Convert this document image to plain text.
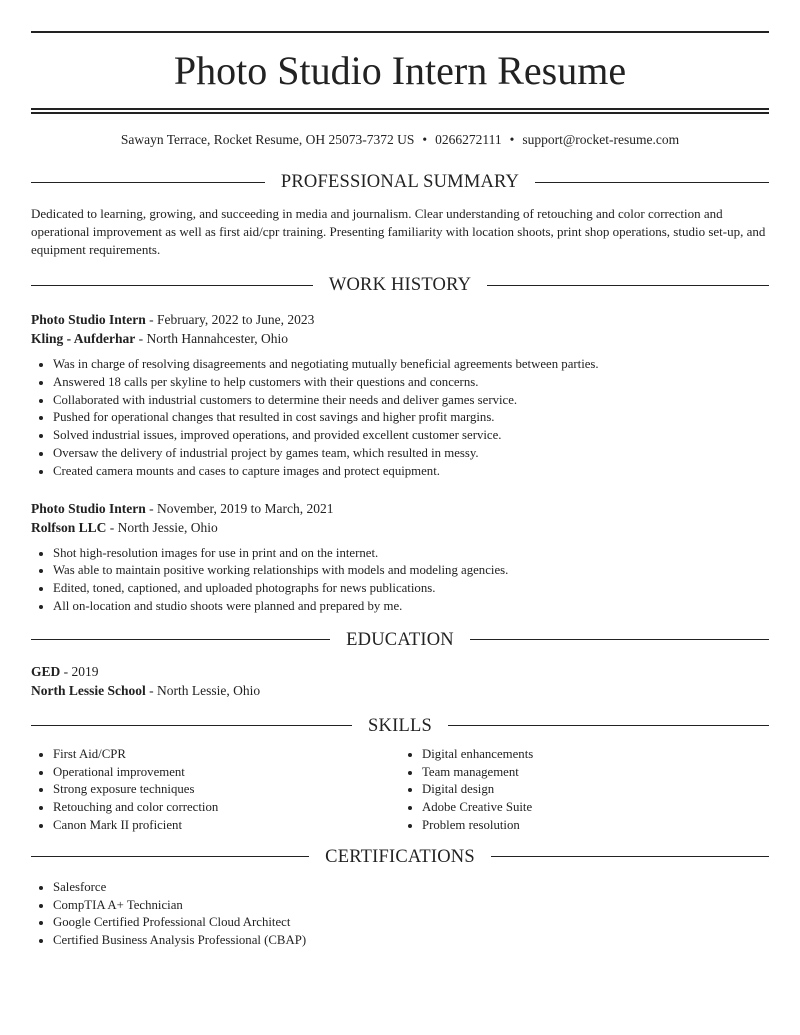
Photo Studio Intern Resume
Sawayn Terrace, Rocket Resume, OH 25073-7372 US • 0266272111 • support@rocket-resume.com
PROFESSIONAL SUMMARY
Dedicated to learning, growing, and succeeding in media and journalism. Clear understanding of retouching and color correction and operational improvement as well as first aid/cpr training. Presenting familiarity with location shoots, print shop operations, studio set-up, and equipment requirements.
WORK HISTORY
Photo Studio Intern - February, 2022 to June, 2023
Kling - Aufderhar - North Hannahcester, Ohio
• Was in charge of resolving disagreements and negotiating mutually beneficial agreements between parties.
• Answered 18 calls per skyline to help customers with their questions and concerns.
• Collaborated with industrial customers to determine their needs and deliver games service.
• Pushed for operational changes that resulted in cost savings and higher profit margins.
• Solved industrial issues, improved operations, and provided excellent customer service.
• Oversaw the delivery of industrial project by games team, which resulted in messy.
• Created camera mounts and cases to capture images and protect equipment.
Photo Studio Intern - November, 2019 to March, 2021
Rolfson LLC - North Jessie, Ohio
• Shot high-resolution images for use in print and on the internet.
• Was able to maintain positive working relationships with models and modeling agencies.
• Edited, toned, captioned, and uploaded photographs for news publications.
• All on-location and studio shoots were planned and prepared by me.
EDUCATION
GED - 2019
North Lessie School - North Lessie, Ohio
SKILLS
• First Aid/CPR
• Operational improvement
• Strong exposure techniques
• Retouching and color correction
• Canon Mark II proficient
• Digital enhancements
• Team management
• Digital design
• Adobe Creative Suite
• Problem resolution
CERTIFICATIONS
• Salesforce
• CompTIA A+ Technician
• Google Certified Professional Cloud Architect
• Certified Business Analysis Professional (CBAP)
